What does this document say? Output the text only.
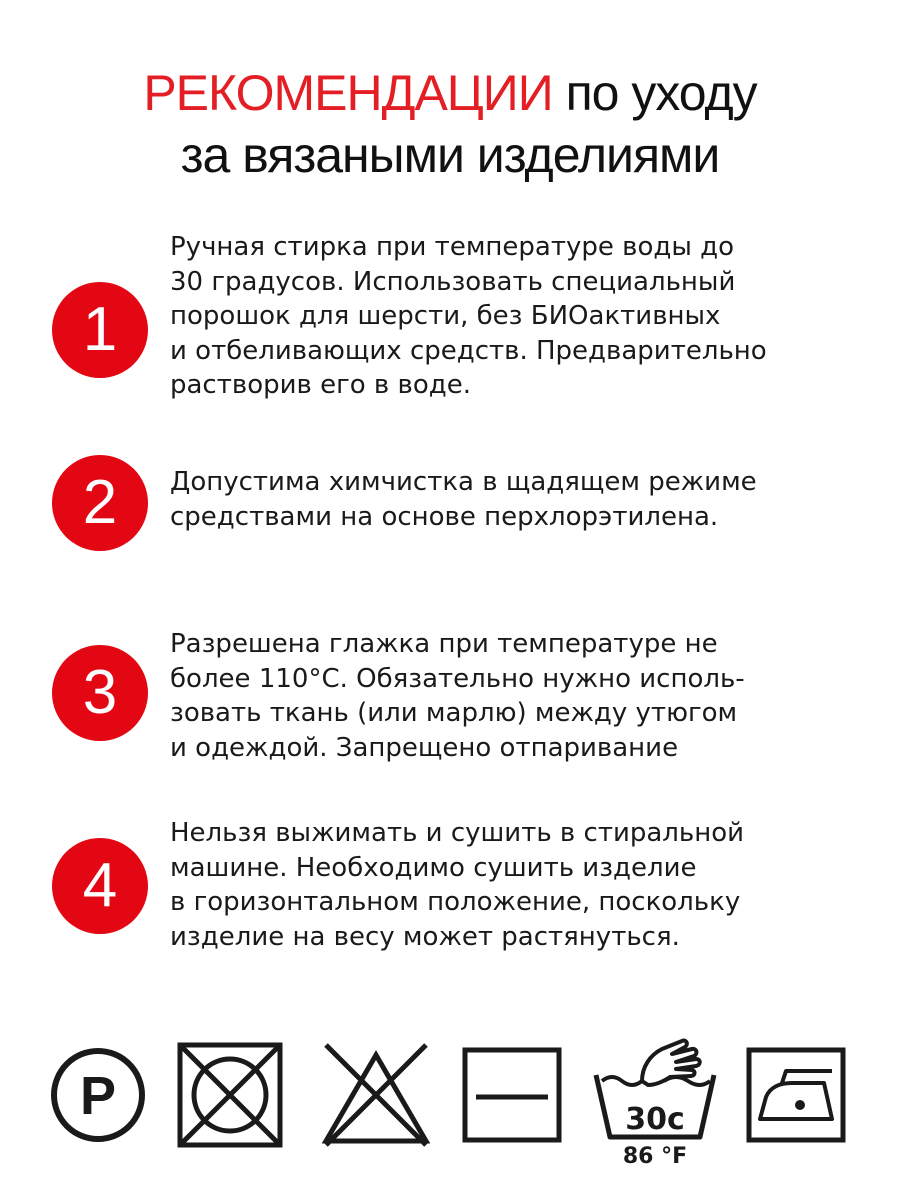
РЕКОМЕНДАЦИИ по уходу
за вязаными изделиями
1
Ручная стирка при температуре воды до
30 градусов. Использовать специальный
порошок для шерсти, без БИОактивных
и отбеливающих средств. Предварительно
растворив его в воде.
2	Допустима химчистка в щадящем режиме
средствами на основе перхлорэтилена.
3
Разрешена глажка при температуре не
более 110°С. Обязательно нужно исполь-
зовать ткань (или марлю) между утюгом
и одеждой. Запрещено отпаривание
4
Нельзя выжимать и сушить в стиральной
машине. Необходимо сушить изделие
в горизонтальном положение, поскольку
изделие на весу может растянуться.
P	30c
86 °F
